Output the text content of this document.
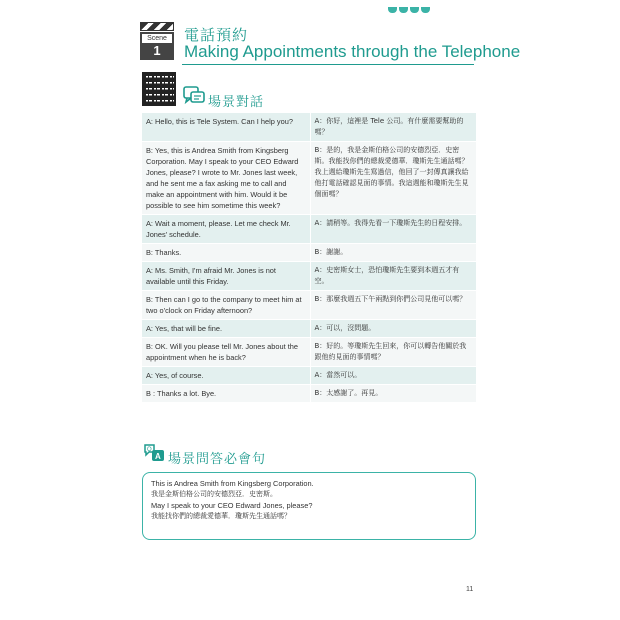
Scene
1
電話預約
Making Appointments through the Telephone
場景對話
A: Hello, this is Tele System. Can I help you?	A：你好，這裡是 Tele 公司。有什麼需要幫助的嗎？
B: Yes, this is Andrea Smith from Kingsberg Corporation. May I speak to your CEO Edward Jones, please? I wrote to Mr. Jones last week, and he sent me a fax asking me to call and make an appointment with him. Would it be possible to see him sometime this week?	B：是的，我是金斯伯格公司的安德烈亞．史密斯。我能找你們的總裁愛德華．瓊斯先生通話嗎？我上週給瓊斯先生寫過信，他回了一封傳真讓我給他打電話確認見面的事情。我這週能和瓊斯先生見個面嗎？
A: Wait a moment, please. Let me check Mr. Jones' schedule.	A：請稍等。我得先看一下瓊斯先生的日程安排。
B: Thanks.	B：謝謝。
A: Ms. Smith, I'm afraid Mr. Jones is not available until this Friday.	A：史密斯女士，恐怕瓊斯先生要到本週五才有空。
B: Then can I go to the company to meet him at two o'clock on Friday afternoon?	B：那麼我週五下午兩點到你們公司見他可以嗎？
A: Yes, that will be fine.	A：可以，沒問題。
B: OK. Will you please tell Mr. Jones about the appointment when he is back?	B：好的。等瓊斯先生回來，你可以轉告他關於我跟他約見面的事情嗎？
A: Yes, of course.	A：當然可以。
B : Thanks a lot. Bye.	B：太感謝了。再見。
Q
A 場景問答必會句

This is Andrea Smith from Kingsberg Corporation.

我是金斯伯格公司的安德烈亞．史密斯。

May I speak to your CEO Edward Jones, please?

我能找你們的總裁愛德華．瓊斯先生通話嗎？

11
